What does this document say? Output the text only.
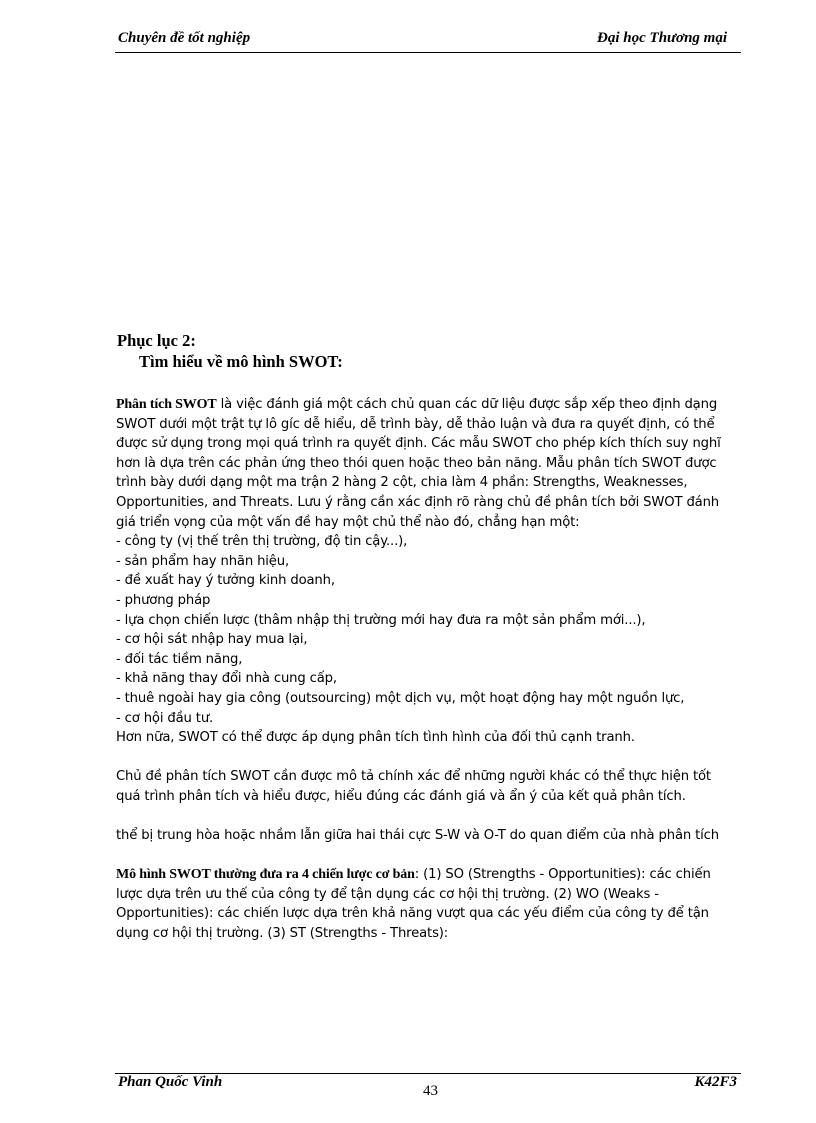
Chuyên đề tốt nghiệp	Đại học Thương mại
Phục lục 2:
Tìm hiểu về mô hình SWOT:

Phân tích SWOT là việc đánh giá một cách chủ quan các dữ liệu được sắp xếp theo định dạng SWOT dưới một trật tự lô gíc dễ hiểu, dễ trình bày, dễ thảo luận và đưa ra quyết định, có thể được sử dụng trong mọi quá trình ra quyết định. Các mẫu SWOT cho phép kích thích suy nghĩ hơn là dựa trên các phản ứng theo thói quen hoặc theo bản năng. Mẫu phân tích SWOT được trình bày dưới dạng một ma trận 2 hàng 2 cột, chia làm 4 phần: Strengths, Weaknesses, Opportunities, and Threats. Lưu ý rằng cần xác định rõ ràng chủ đề phân tích bởi SWOT đánh giá triển vọng của một vấn đề hay một chủ thể nào đó, chẳng hạn một:

- công ty (vị thế trên thị trường, độ tin cậy...),

- sản phẩm hay nhãn hiệu,

- đề xuất hay ý tưởng kinh doanh,

- phương pháp

- lựa chọn chiến lược (thâm nhập thị trường mới hay đưa ra một sản phẩm mới...),

- cơ hội sát nhập hay mua lại,

- đối tác tiềm năng,

- khả năng thay đổi nhà cung cấp,

- thuê ngoài hay gia công (outsourcing) một dịch vụ, một hoạt động hay một nguồn lực,

- cơ hội đầu tư.

Hơn nữa, SWOT có thể được áp dụng phân tích tình hình của đối thủ cạnh tranh.

Chủ đề phân tích SWOT cần được mô tả chính xác để những người khác có thể thực hiện tốt quá trình phân tích và hiểu được, hiểu đúng các đánh giá và ẩn ý của kết quả phân tích.

thể bị trung hòa hoặc nhầm lẫn giữa hai thái cực S-W và O-T do quan điểm của nhà phân tích

Mô hình SWOT thường đưa ra 4 chiến lược cơ bản: (1) SO (Strengths - Opportunities): các chiến lược dựa trên ưu thế của công ty để tận dụng các cơ hội thị trường. (2) WO (Weaks - Opportunities): các chiến lược dựa trên khả năng vượt qua các yếu điểm của công ty để tận dụng cơ hội thị trường. (3) ST (Strengths - Threats):

Phan Quốc Vinh
43
K42F3
